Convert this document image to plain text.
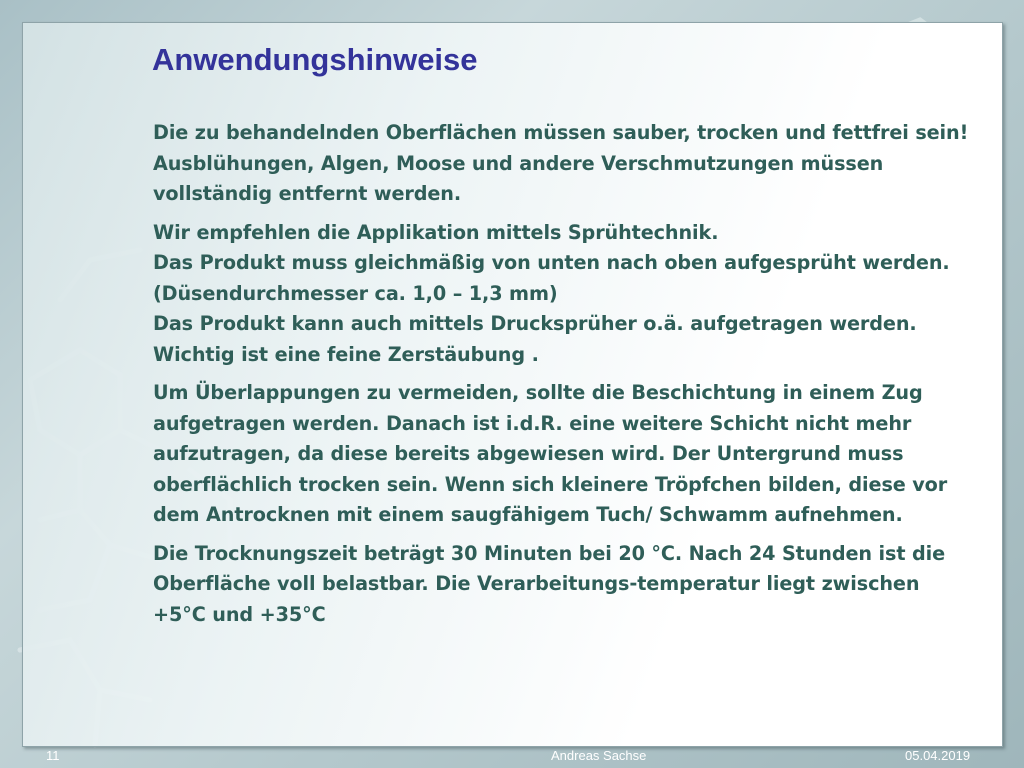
Anwendungshinweise

Die zu behandelnden Oberflächen müssen sauber, trocken und fettfrei sein!
Ausblühungen, Algen, Moose und andere Verschmutzungen müssen
vollständig entfernt werden.

Wir empfehlen die Applikation mittels Sprühtechnik.
Das Produkt muss gleichmäßig von unten nach oben aufgesprüht werden.
(Düsendurchmesser ca. 1,0 – 1,3 mm)
Das Produkt kann auch mittels Drucksprüher o.ä. aufgetragen werden.
Wichtig ist eine feine Zerstäubung .

Um Überlappungen zu vermeiden, sollte die Beschichtung in einem Zug
aufgetragen werden. Danach ist i.d.R. eine weitere Schicht nicht mehr
aufzutragen, da diese bereits abgewiesen wird. Der Untergrund muss
oberflächlich trocken sein. Wenn sich kleinere Tröpfchen bilden, diese vor
dem Antrocknen mit einem saugfähigem Tuch/ Schwamm aufnehmen.

Die Trocknungszeit beträgt 30 Minuten bei 20 °C. Nach 24 Stunden ist die
Oberfläche voll belastbar. Die Verarbeitungs-temperatur liegt zwischen
+5°C und +35°C

11	Andreas Sachse	05.04.2019
